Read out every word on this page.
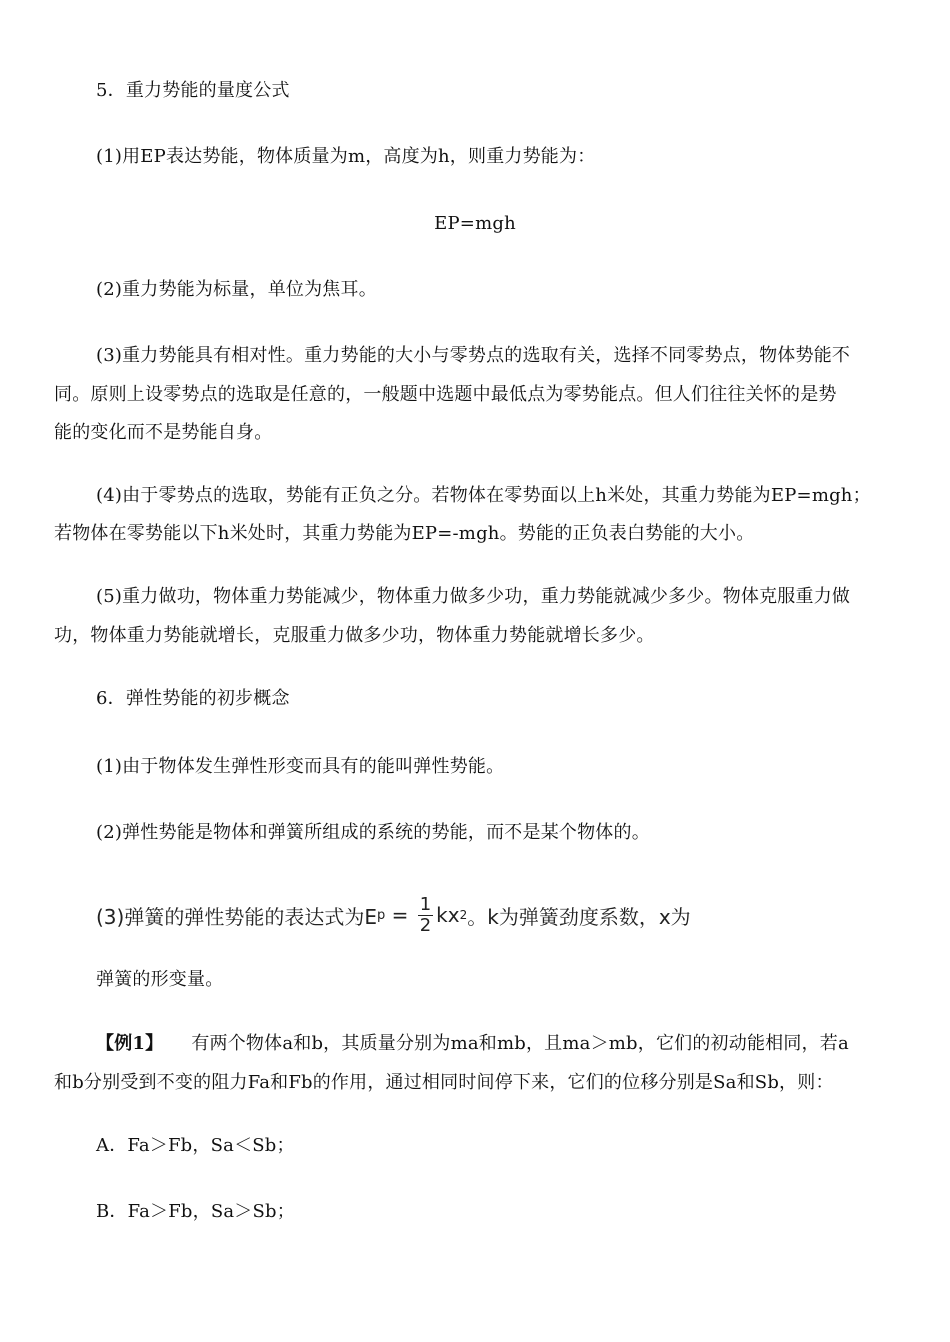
5．重力势能的量度公式
(1)用EP表达势能，物体质量为m，高度为h，则重力势能为：
EP=mgh
(2)重力势能为标量，单位为焦耳。
(3)重力势能具有相对性。重力势能的大小与零势点的选取有关，选择不同零势点，物体势能不
同。原则上设零势点的选取是任意的，一般题中选题中最低点为零势能点。但人们往往关怀的是势
能的变化而不是势能自身。
(4)由于零势点的选取，势能有正负之分。若物体在零势面以上h米处，其重力势能为EP=mgh；
若物体在零势能以下h米处时，其重力势能为EP=-mgh。势能的正负表白势能的大小。
(5)重力做功，物体重力势能减少，物体重力做多少功，重力势能就减少多少。物体克服重力做
功，物体重力势能就增长，克服重力做多少功，物体重力势能就增长多少。
6．弹性势能的初步概念
(1)由于物体发生弹性形变而具有的能叫弹性势能。
(2)弹性势能是物体和弹簧所组成的系统的势能，而不是某个物体的。
(3)弹簧的弹性势能的表达式为E $p = \frac{1}{2}$ kx 2 。k为弹簧劲度系数，x为
弹簧的形变量。
【例1】 有两个物体a和b，其质量分别为ma和mb，且ma＞mb，它们的初动能相同，若a
和b分别受到不变的阻力Fa和Fb的作用，通过相同时间停下来，它们的位移分别是Sa和Sb，则：
A．Fa＞Fb，Sa＜Sb；
B．Fa＞Fb，Sa＞Sb；
